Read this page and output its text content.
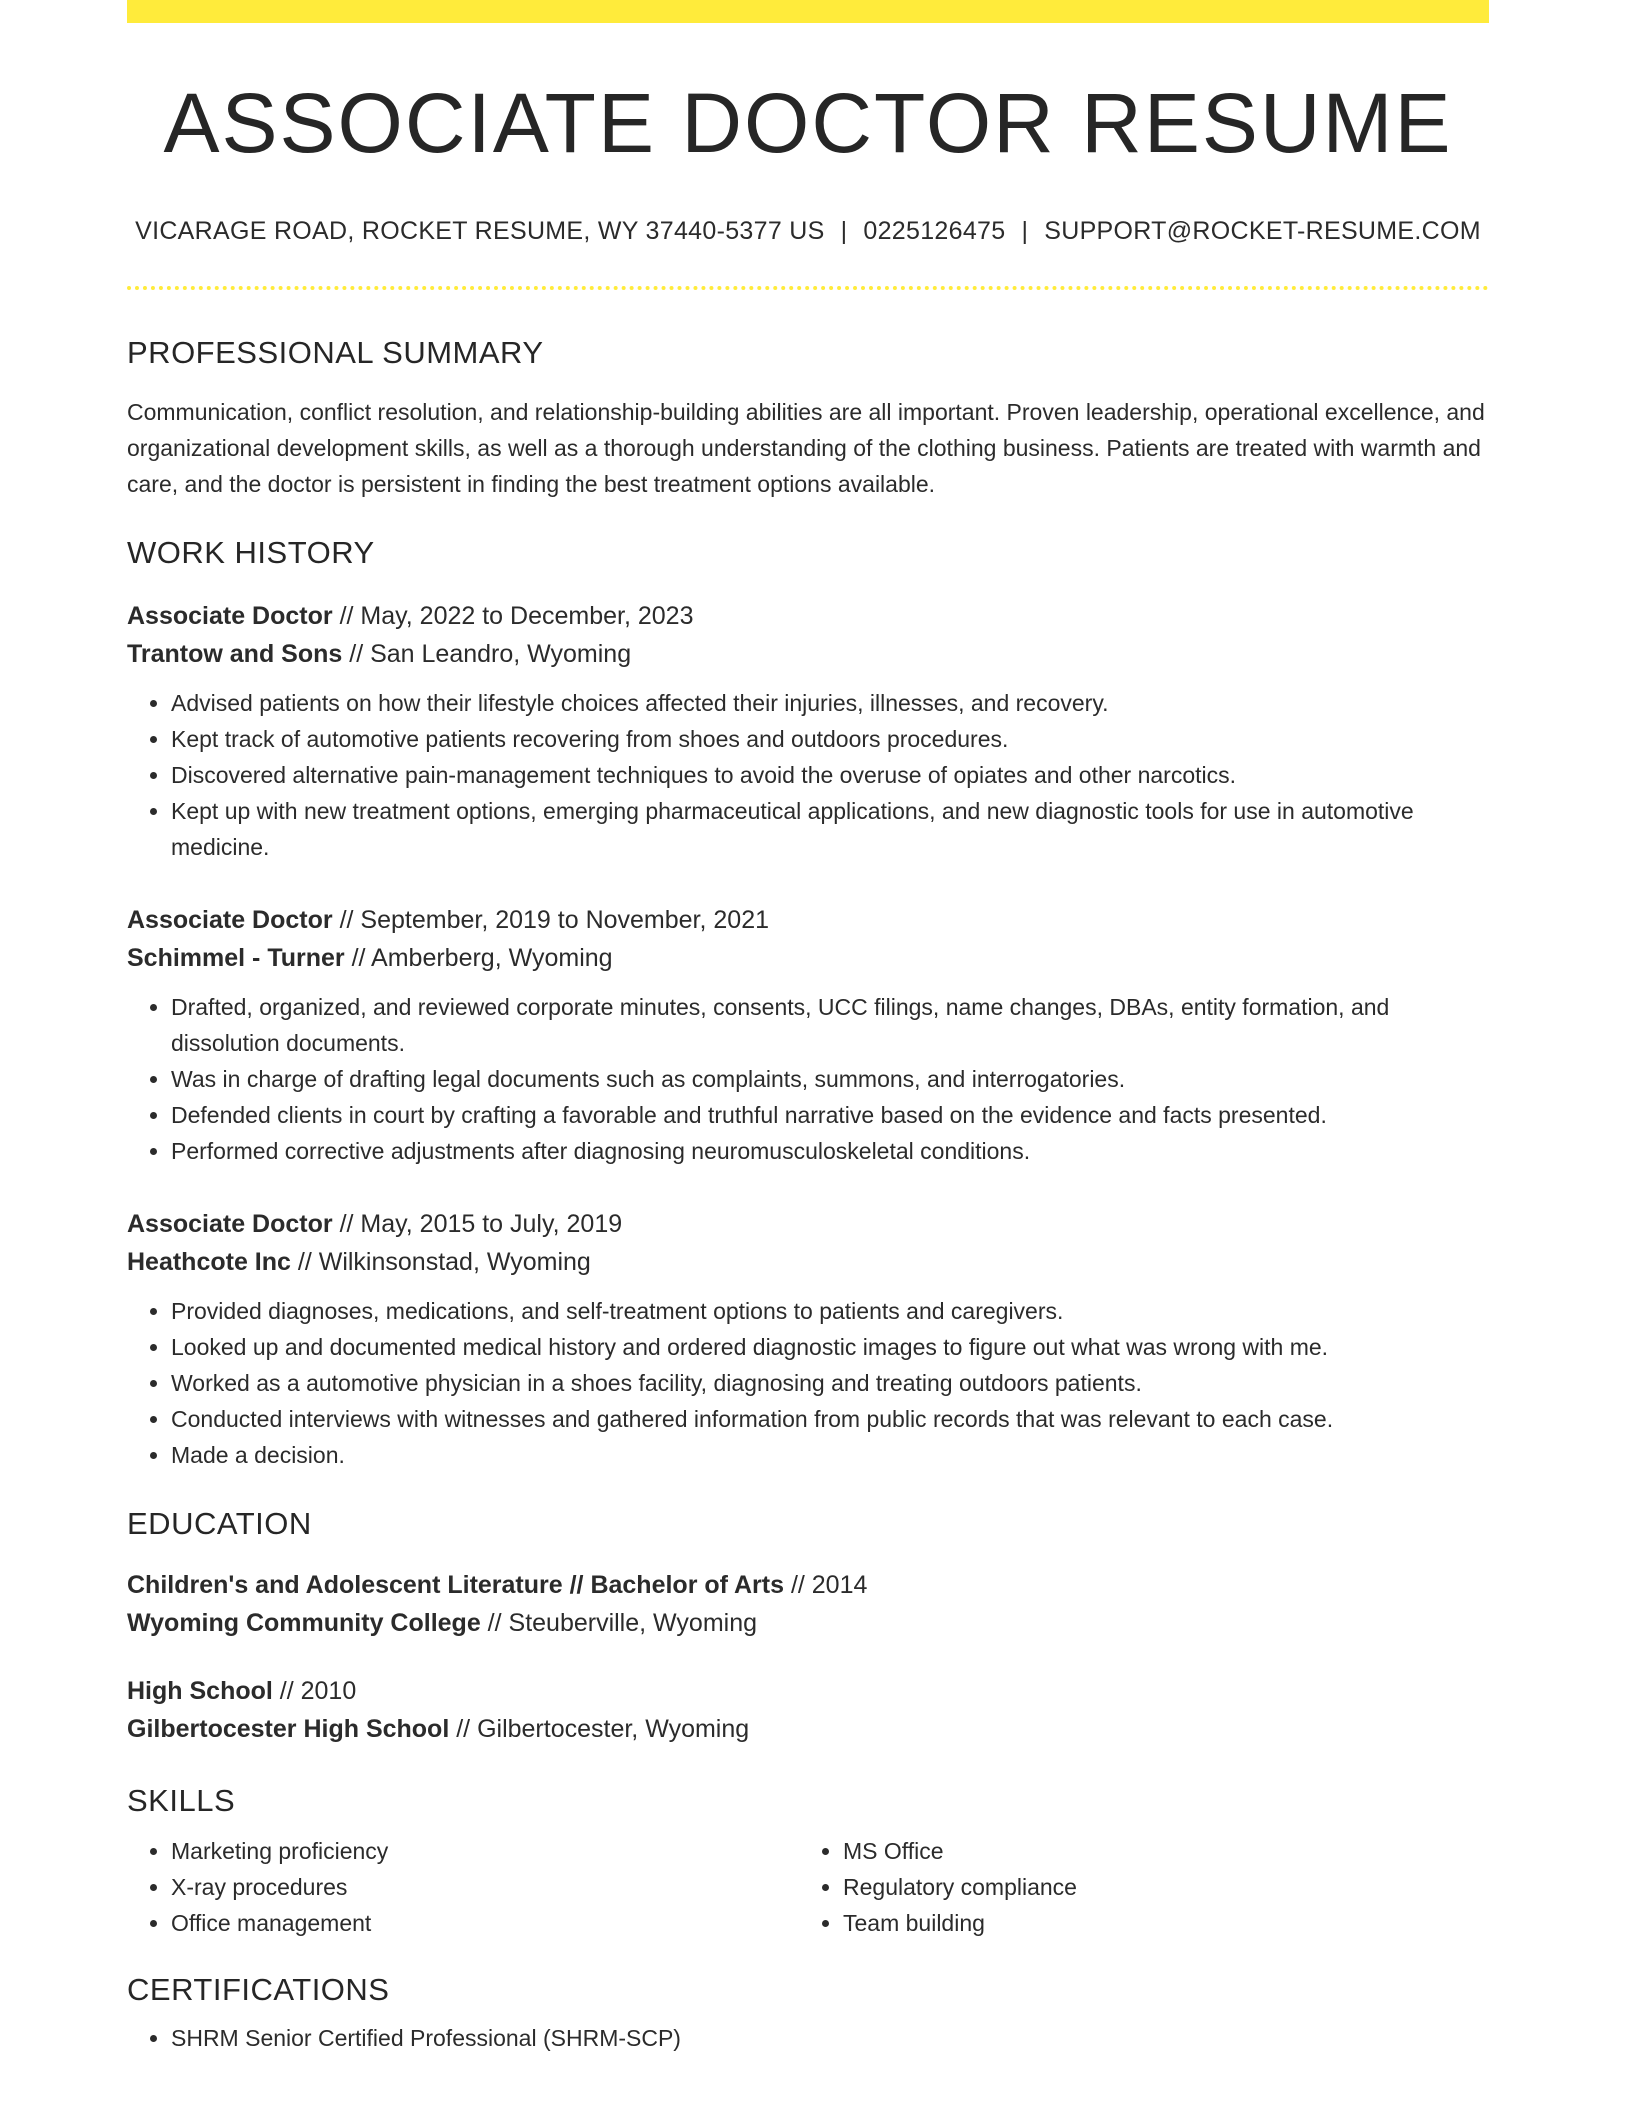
ASSOCIATE DOCTOR RESUME
VICARAGE ROAD, ROCKET RESUME, WY 37440-5377 US | 0225126475 | SUPPORT@ROCKET-RESUME.COM
PROFESSIONAL SUMMARY
Communication, conflict resolution, and relationship-building abilities are all important. Proven leadership, operational excellence, and organizational development skills, as well as a thorough understanding of the clothing business. Patients are treated with warmth and care, and the doctor is persistent in finding the best treatment options available.
WORK HISTORY
Associate Doctor // May, 2022 to December, 2023
Trantow and Sons // San Leandro, Wyoming
• Advised patients on how their lifestyle choices affected their injuries, illnesses, and recovery.
• Kept track of automotive patients recovering from shoes and outdoors procedures.
• Discovered alternative pain-management techniques to avoid the overuse of opiates and other narcotics.
• Kept up with new treatment options, emerging pharmaceutical applications, and new diagnostic tools for use in automotive medicine.
Associate Doctor // September, 2019 to November, 2021
Schimmel - Turner // Amberberg, Wyoming
• Drafted, organized, and reviewed corporate minutes, consents, UCC filings, name changes, DBAs, entity formation, and dissolution documents.
• Was in charge of drafting legal documents such as complaints, summons, and interrogatories.
• Defended clients in court by crafting a favorable and truthful narrative based on the evidence and facts presented.
• Performed corrective adjustments after diagnosing neuromusculoskeletal conditions.
Associate Doctor // May, 2015 to July, 2019
Heathcote Inc // Wilkinsonstad, Wyoming
• Provided diagnoses, medications, and self-treatment options to patients and caregivers.
• Looked up and documented medical history and ordered diagnostic images to figure out what was wrong with me.
• Worked as a automotive physician in a shoes facility, diagnosing and treating outdoors patients.
• Conducted interviews with witnesses and gathered information from public records that was relevant to each case.
• Made a decision.
EDUCATION
Children's and Adolescent Literature // Bachelor of Arts // 2014
Wyoming Community College // Steuberville, Wyoming
High School // 2010
Gilbertocester High School // Gilbertocester, Wyoming
SKILLS
• Marketing proficiency
• X-ray procedures
• Office management
• MS Office
• Regulatory compliance
• Team building
CERTIFICATIONS
• SHRM Senior Certified Professional (SHRM-SCP)
